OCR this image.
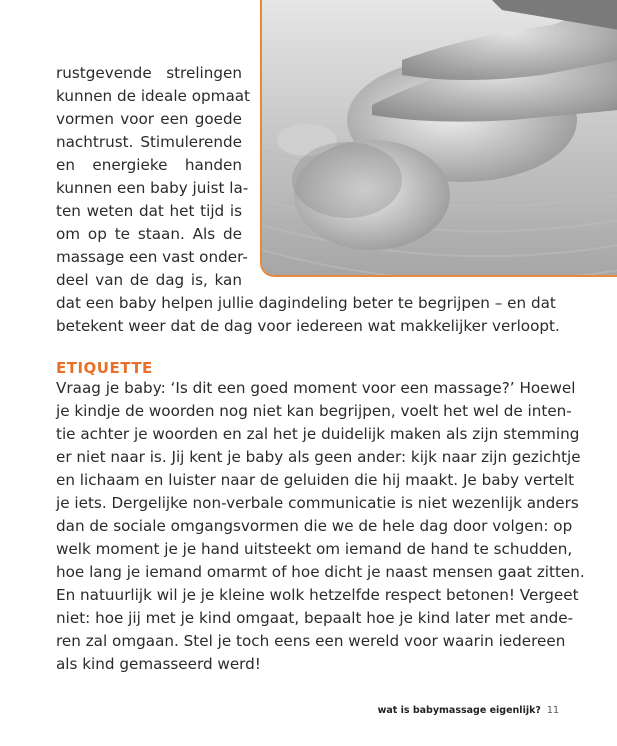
rustgevende strelingen
kunnen de ideale opmaat
vormen voor een goede
nachtrust. Stimulerende
en energieke handen
kunnen een baby juist la-
ten weten dat het tijd is
om op te staan. Als de
massage een vast onder-
deel van de dag is, kan
dat een baby helpen jullie dagindeling beter te begrijpen – en dat
betekent weer dat de dag voor iedereen wat makkelijker verloopt.
ETIQUETTE
Vraag je baby: ‘Is dit een goed moment voor een massage?’ Hoewel
je kindje de woorden nog niet kan begrijpen, voelt het wel de inten-
tie achter je woorden en zal het je duidelijk maken als zijn stemming
er niet naar is. Jij kent je baby als geen ander: kijk naar zijn gezichtje
en lichaam en luister naar de geluiden die hij maakt. Je baby vertelt
je iets. Dergelijke non-verbale communicatie is niet wezenlijk anders
dan de sociale omgangsvormen die we de hele dag door volgen: op
welk moment je je hand uitsteekt om iemand de hand te schudden,
hoe lang je iemand omarmt of hoe dicht je naast mensen gaat zitten.
En natuurlijk wil je je kleine wolk hetzelfde respect betonen! Vergeet
niet: hoe jij met je kind omgaat, bepaalt hoe je kind later met ande-
ren zal omgaan. Stel je toch eens een wereld voor waarin iedereen
als kind gemasseerd werd!
wat is babymassage eigenlijk? 11
